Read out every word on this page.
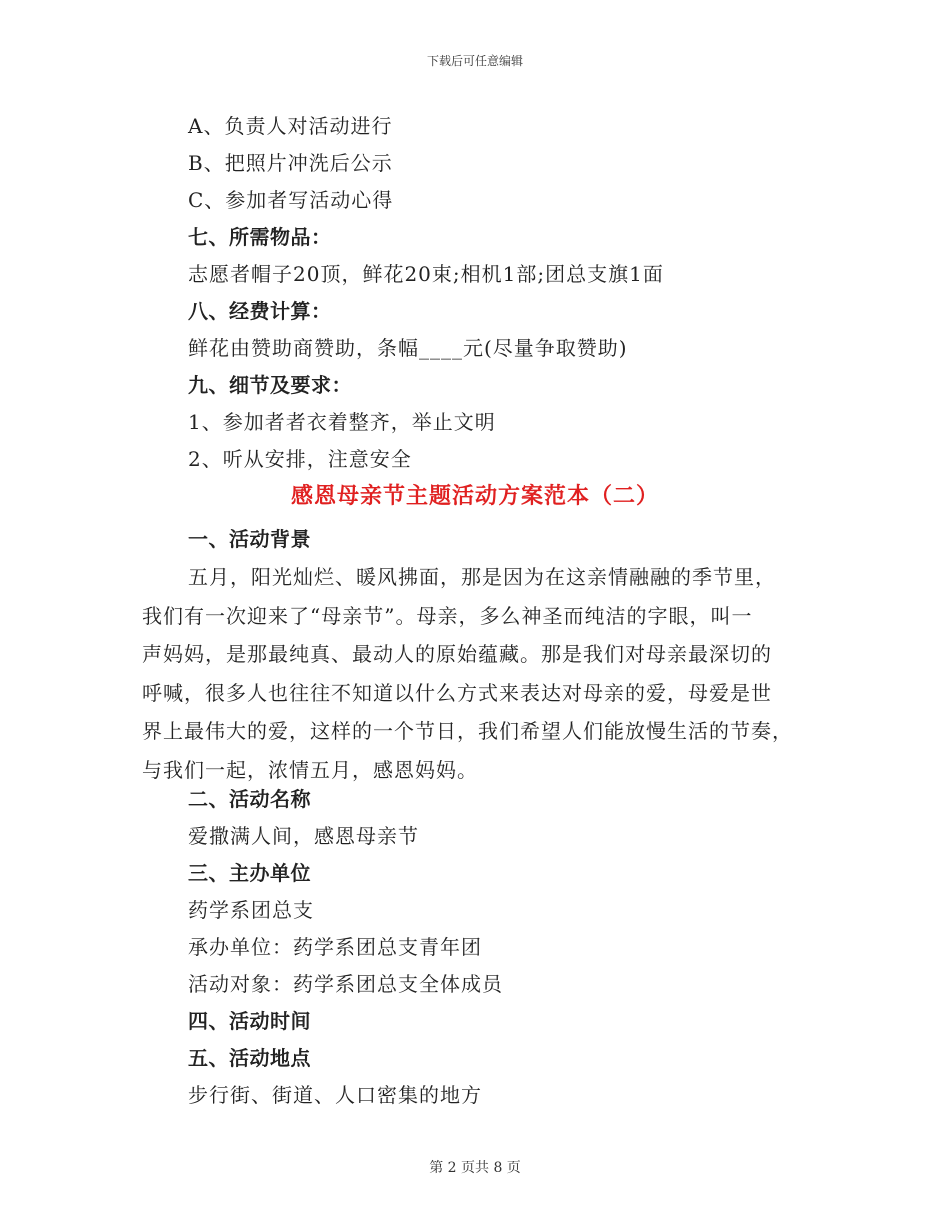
下载后可任意编辑
A、负责人对活动进行
B、把照片冲洗后公示
C、参加者写活动心得
七、所需物品：
志愿者帽子20顶，鲜花20束;相机1部;团总支旗1面
八、经费计算：
鲜花由赞助商赞助，条幅____元(尽量争取赞助)
九、细节及要求：
1、参加者者衣着整齐，举止文明
2、听从安排，注意安全
感恩母亲节主题活动方案范本（二）
一、活动背景
五月，阳光灿烂、暖风拂面，那是因为在这亲情融融的季节里，
我们有一次迎来了“母亲节”。母亲，多么神圣而纯洁的字眼，叫一
声妈妈，是那最纯真、最动人的原始蕴藏。那是我们对母亲最深切的
呼喊，很多人也往往不知道以什么方式来表达对母亲的爱，母爱是世
界上最伟大的爱，这样的一个节日，我们希望人们能放慢生活的节奏，
与我们一起，浓情五月，感恩妈妈。
二、活动名称
爱撒满人间，感恩母亲节
三、主办单位
药学系团总支
承办单位：药学系团总支青年团
活动对象：药学系团总支全体成员
四、活动时间
五、活动地点
步行街、街道、人口密集的地方
第 2 页共 8 页
